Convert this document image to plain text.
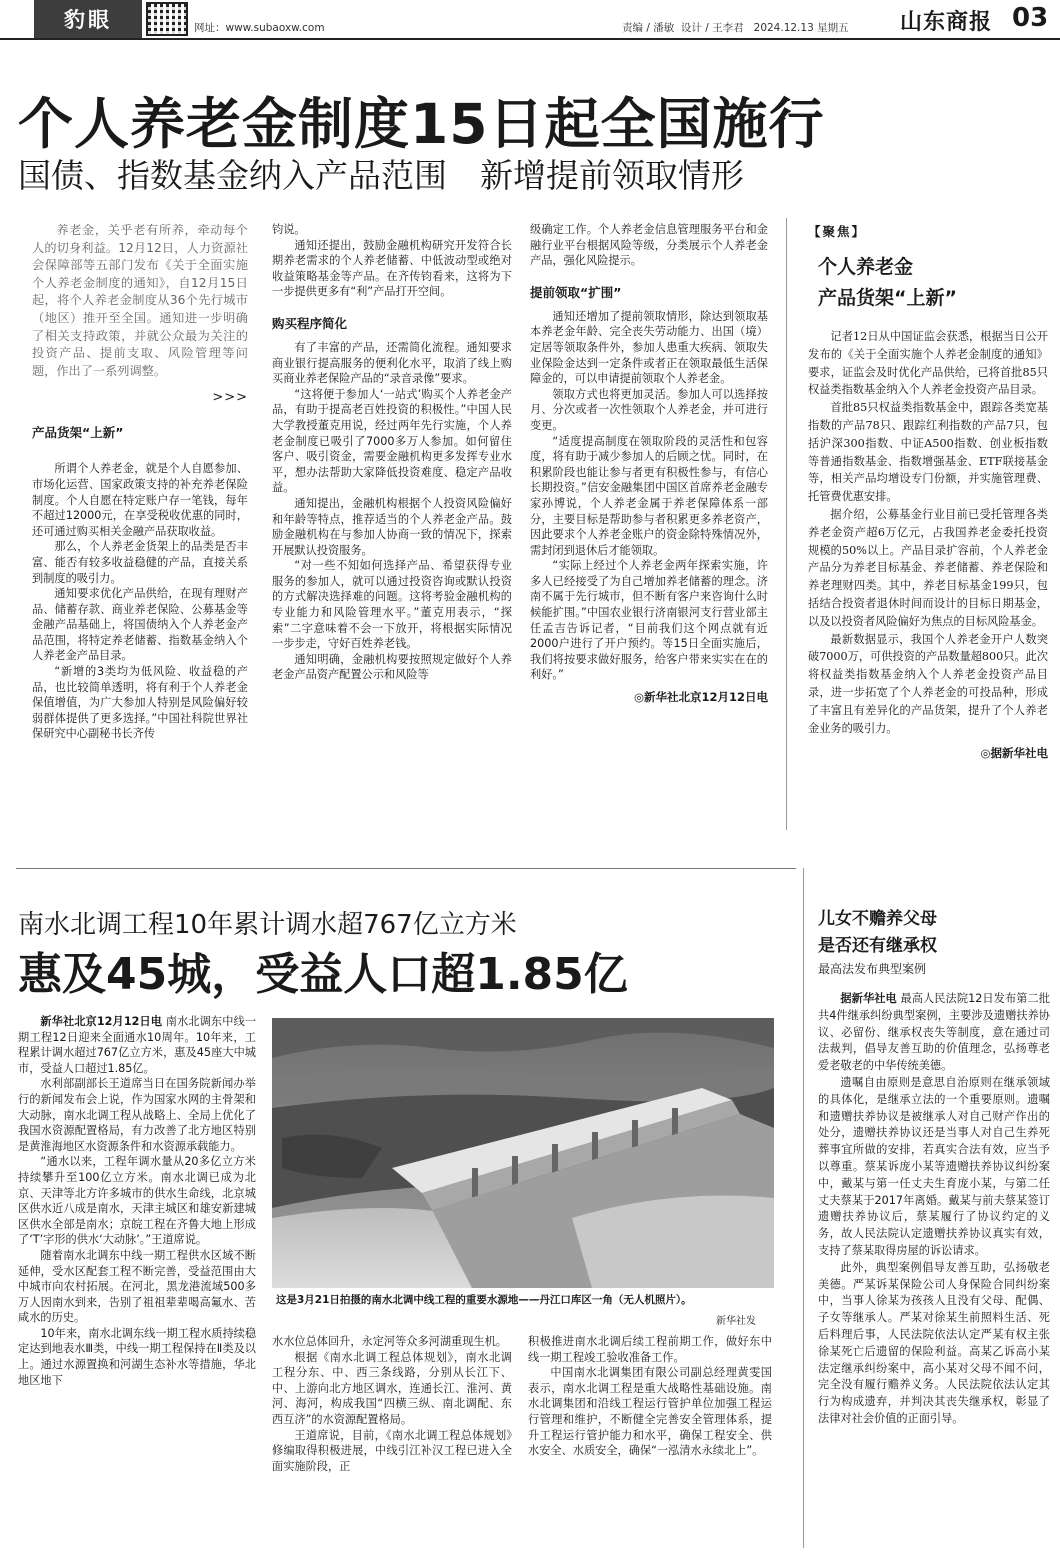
豹眼	网址：www.subaoxw.com	责编 / 潘敏 设计 / 王李君 2024.12.13 星期五 山东商报 03
个人养老金制度15日起全国施行
国债、指数基金纳入产品范围　新增提前领取情形
养老金，关乎老有所养，牵动每个人的切身利益。12月12日，人力资源社会保障部等五部门发布《关于全面实施个人养老金制度的通知》，自12月15日起，将个人养老金制度从36个先行城市（地区）推开至全国。通知进一步明确了相关支持政策，并就公众最为关注的投资产品、提前支取、风险管理等问题，作出了一系列调整。
>>>
产品货架“上新”

所谓个人养老金，就是个人自愿参加、市场化运营、国家政策支持的补充养老保险制度。个人自愿在特定账户存一笔钱，每年不超过12000元，在享受税收优惠的同时，还可通过购买相关金融产品获取收益。

那么，个人养老金货架上的品类是否丰富、能否有较多收益稳健的产品，直接关系到制度的吸引力。

通知要求优化产品供给，在现有理财产品、储蓄存款、商业养老保险、公募基金等金融产品基础上，将国债纳入个人养老金产品范围，将特定养老储蓄、指数基金纳入个人养老金产品目录。

“新增的3类均为低风险、收益稳的产品，也比较简单透明，将有利于个人养老金保值增值，为广大参加人特别是风险偏好较弱群体提供了更多选择。”中国社科院世界社保研究中心副秘书长齐传

钧说。

通知还提出，鼓励金融机构研究开发符合长期养老需求的个人养老储蓄、中低波动型或绝对收益策略基金等产品。在齐传钧看来，这将为下一步提供更多有“利”产品打开空间。

购买程序简化

有了丰富的产品，还需简化流程。通知要求商业银行提高服务的便利化水平，取消了线上购买商业养老保险产品的“录音录像”要求。

“这将便于参加人‘一站式’购买个人养老金产品，有助于提高老百姓投资的积极性。”中国人民大学教授董克用说，经过两年先行实施，个人养老金制度已吸引了7000多万人参加。如何留住客户、吸引资金，需要金融机构更多发挥专业水平，想办法帮助大家降低投资难度、稳定产品收益。

通知提出，金融机构根据个人投资风险偏好和年龄等特点，推荐适当的个人养老金产品。鼓励金融机构在与参加人协商一致的情况下，探索开展默认投资服务。

“对一些不知如何选择产品、希望获得专业服务的参加人，就可以通过投资咨询或默认投资的方式解决选择难的问题。这将考验金融机构的专业能力和风险管理水平。”董克用表示，“探索”二字意味着不会一下放开，将根据实际情况一步步走，守好百姓养老钱。

通知明确，金融机构要按照规定做好个人养老金产品资产配置公示和风险等

级确定工作。个人养老金信息管理服务平台和金融行业平台根据风险等级，分类展示个人养老金产品，强化风险提示。

提前领取“扩围”

通知还增加了提前领取情形，除达到领取基本养老金年龄、完全丧失劳动能力、出国（境）定居等领取条件外，参加人患重大疾病、领取失业保险金达到一定条件或者正在领取最低生活保障金的，可以申请提前领取个人养老金。

领取方式也将更加灵活。参加人可以选择按月、分次或者一次性领取个人养老金，并可进行变更。

“适度提高制度在领取阶段的灵活性和包容度，将有助于减少参加人的后顾之忧。同时，在积累阶段也能让参与者更有积极性参与，有信心长期投资。”信安金融集团中国区首席养老金融专家孙博说，个人养老金属于养老保障体系一部分，主要目标是帮助参与者积累更多养老资产，因此要求个人养老金账户的资金除特殊情况外，需封闭到退休后才能领取。

“实际上经过个人养老金两年探索实施，许多人已经接受了为自己增加养老储蓄的理念。济南不属于先行城市，但不断有客户来咨询什么时候能扩围。”中国农业银行济南银河支行营业部主任孟吉告诉记者，“目前我们这个网点就有近2000户进行了开户预约。等15日全面实施后，我们将按要求做好服务，给客户带来实实在在的利好。”

◎新华社北京12月12日电
【聚焦】
个人养老金
产品货架“上新”

记者12日从中国证监会获悉，根据当日公开发布的《关于全面实施个人养老金制度的通知》要求，证监会及时优化产品供给，已将首批85只权益类指数基金纳入个人养老金投资产品目录。

首批85只权益类指数基金中，跟踪各类宽基指数的产品78只、跟踪红利指数的产品7只，包括沪深300指数、中证A500指数、创业板指数等普通指数基金、指数增强基金、ETF联接基金等，相关产品均增设专门份额，并实施管理费、托管费优惠安排。

据介绍，公募基金行业目前已受托管理各类养老金资产超6万亿元，占我国养老金委托投资规模的50%以上。产品目录扩容前，个人养老金产品分为养老目标基金、养老储蓄、养老保险和养老理财四类。其中，养老目标基金199只，包括结合投资者退休时间而设计的目标日期基金，以及以投资者风险偏好为焦点的目标风险基金。

最新数据显示，我国个人养老金开户人数突破7000万，可供投资的产品数量超800只。此次将权益类指数基金纳入个人养老金投资产品目录，进一步拓宽了个人养老金的可投品种，形成了丰富且有差异化的产品货架，提升了个人养老金业务的吸引力。

◎据新华社电
南水北调工程10年累计调水超767亿立方米
惠及45城，受益人口超1.85亿

新华社北京12月12日电 南水北调东中线一期工程12日迎来全面通水10周年。10年来，工程累计调水超过767亿立方米，惠及45座大中城市，受益人口超过1.85亿。

水利部副部长王道席当日在国务院新闻办举行的新闻发布会上说，作为国家水网的主骨架和大动脉，南水北调工程从战略上、全局上优化了我国水资源配置格局，有力改善了北方地区特别是黄淮海地区水资源条件和水资源承载能力。

“通水以来，工程年调水量从20多亿立方米持续攀升至100亿立方米。南水北调已成为北京、天津等北方许多城市的供水生命线，北京城区供水近八成是南水，天津主城区和雄安新建城区供水全部是南水；京皖工程在齐鲁大地上形成了‘T’字形的供水‘大动脉’。”王道席说。

随着南水北调东中线一期工程供水区域不断延伸，受水区配套工程不断完善，受益范围由大中城市向农村拓展。在河北，黑龙港流域500多万人因南水到来，告别了祖祖辈辈喝高氟水、苦咸水的历史。

10年来，南水北调东线一期工程水质持续稳定达到地表水Ⅲ类，中线一期工程保持在Ⅱ类及以上。通过水源置换和河湖生态补水等措施，华北地区地下

这是3月21日拍摄的南水北调中线工程的重要水源地——丹江口库区一角（无人机照片）。
新华社发

水水位总体回升，永定河等众多河湖重现生机。

根据《南水北调工程总体规划》，南水北调工程分东、中、西三条线路，分别从长江下、中、上游向北方地区调水，连通长江、淮河、黄河、海河，构成我国“四横三纵、南北调配、东西互济”的水资源配置格局。

王道席说，目前，《南水北调工程总体规划》修编取得积极进展，中线引江补汉工程已进入全面实施阶段，正

积极推进南水北调后续工程前期工作，做好东中线一期工程竣工验收准备工作。

中国南水北调集团有限公司副总经理黄雯国表示，南水北调工程是重大战略性基础设施。南水北调集团和沿线工程运行管护单位加强工程运行管理和维护，不断健全完善安全管理体系，提升工程运行管护能力和水平，确保工程安全、供水安全、水质安全，确保“一泓清水永续北上”。

儿女不赡养父母
是否还有继承权
最高法发布典型案例

据新华社电 最高人民法院12日发布第二批共4件继承纠纷典型案例，主要涉及遗赠扶养协议、必留份、继承权丧失等制度，意在通过司法裁判，倡导友善互助的价值理念，弘扬尊老爱老敬老的中华传统美德。

遗嘱自由原则是意思自治原则在继承领域的具体化，是继承立法的一个重要原则。遗嘱和遗赠扶养协议是被继承人对自己财产作出的处分，遗赠扶养协议还是当事人对自己生养死葬事宜所做的安排，若真实合法有效，应当予以尊重。蔡某诉庞小某等遗赠扶养协议纠纷案中，戴某与第一任丈夫生育庞小某，与第二任丈夫蔡某于2017年离婚。戴某与前夫蔡某签订遗赠扶养协议后，蔡某履行了协议约定的义务，故人民法院认定遗赠扶养协议真实有效，支持了蔡某取得房屋的诉讼请求。

此外，典型案例倡导友善互助，弘扬敬老美德。严某诉某保险公司人身保险合同纠纷案中，当事人徐某为孩孩人且没有父母、配偶、子女等继承人。严某对徐某生前照料生活、死后料理后事，人民法院依法认定严某有权主张徐某死亡后遗留的保险利益。高某乙诉高小某法定继承纠纷案中，高小某对父母不闻不问，完全没有履行赡养义务。人民法院依法认定其行为构成遗弃，并判决其丧失继承权，彰显了法律对社会价值的正面引导。
